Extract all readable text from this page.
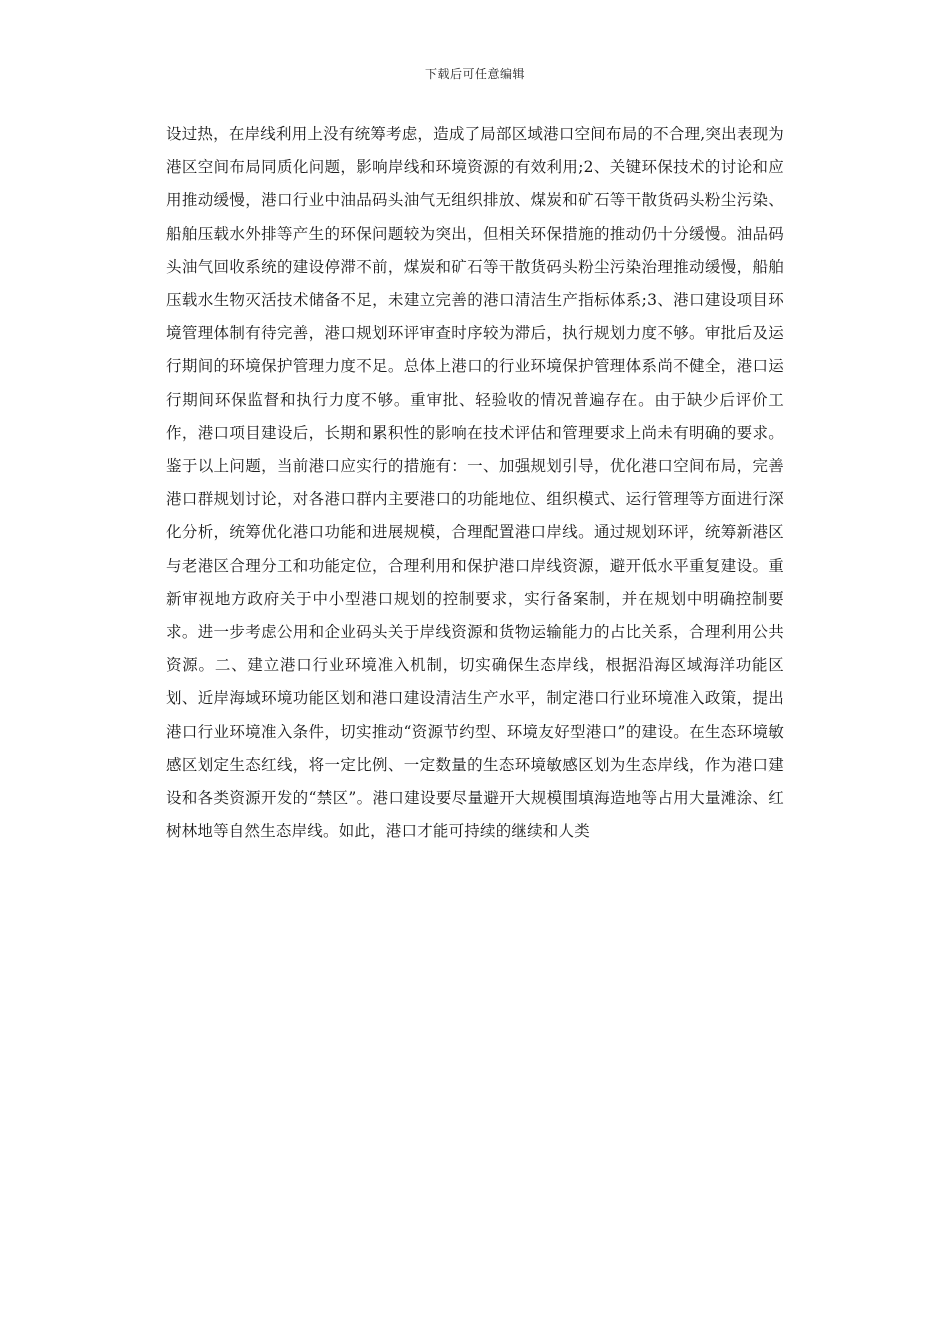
下载后可任意编辑

设过热，在岸线利用上没有统筹考虑，造成了局部区域港口空间布局的不合理,突出表现为港区空间布局同质化问题，影响岸线和环境资源的有效利用;2、关键环保技术的讨论和应用推动缓慢，港口行业中油品码头油气无组织排放、煤炭和矿石等干散货码头粉尘污染、船舶压载水外排等产生的环保问题较为突出，但相关环保措施的推动仍十分缓慢。油品码头油气回收系统的建设停滞不前，煤炭和矿石等干散货码头粉尘污染治理推动缓慢，船舶压载水生物灭活技术储备不足，未建立完善的港口清洁生产指标体系;3、港口建设项目环境管理体制有待完善，港口规划环评审查时序较为滞后，执行规划力度不够。审批后及运行期间的环境保护管理力度不足。总体上港口的行业环境保护管理体系尚不健全，港口运行期间环保监督和执行力度不够。重审批、轻验收的情况普遍存在。由于缺少后评价工作，港口项目建设后，长期和累积性的影响在技术评估和管理要求上尚未有明确的要求。鉴于以上问题，当前港口应实行的措施有：一、加强规划引导，优化港口空间布局，完善港口群规划讨论，对各港口群内主要港口的功能地位、组织模式、运行管理等方面进行深化分析，统筹优化港口功能和进展规模，合理配置港口岸线。通过规划环评，统筹新港区与老港区合理分工和功能定位，合理利用和保护港口岸线资源，避开低水平重复建设。重新审视地方政府关于中小型港口规划的控制要求，实行备案制，并在规划中明确控制要求。进一步考虑公用和企业码头关于岸线资源和货物运输能力的占比关系，合理利用公共资源。二、建立港口行业环境准入机制，切实确保生态岸线，根据沿海区域海洋功能区划、近岸海域环境功能区划和港口建设清洁生产水平，制定港口行业环境准入政策，提出港口行业环境准入条件，切实推动“资源节约型、环境友好型港口”的建设。在生态环境敏感区划定生态红线，将一定比例、一定数量的生态环境敏感区划为生态岸线，作为港口建设和各类资源开发的“禁区”。港口建设要尽量避开大规模围填海造地等占用大量滩涂、红树林地等自然生态岸线。如此，港口才能可持续的继续和人类
